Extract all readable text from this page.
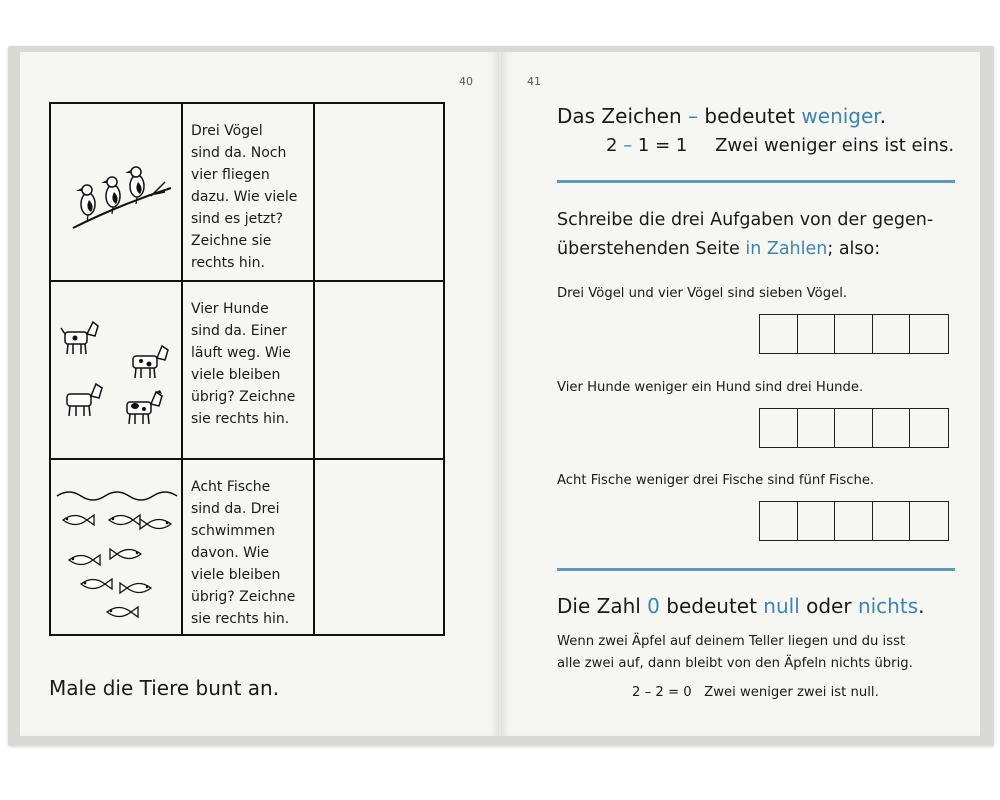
40	41
Drei Vögel
sind da. Noch
vier fliegen
dazu. Wie viele
sind es jetzt?
Zeichne sie
rechts hin.
Vier Hunde
sind da. Einer
läuft weg. Wie
viele bleiben
übrig? Zeichne
sie rechts hin.
Acht Fische
sind da. Drei
schwimmen
davon. Wie
viele bleiben
übrig? Zeichne
sie rechts hin.
Male die Tiere bunt an.
Das Zeichen – bedeutet weniger.
2 – 1 = 1 Zwei weniger eins ist eins.
Schreibe die drei Aufgaben von der gegen-
überstehenden Seite in Zahlen; also:
Drei Vögel und vier Vögel sind sieben Vögel.
Vier Hunde weniger ein Hund sind drei Hunde.
Acht Fische weniger drei Fische sind fünf Fische.
Die Zahl 0 bedeutet null oder nichts.
Wenn zwei Äpfel auf deinem Teller liegen und du isst
alle zwei auf, dann bleibt von den Äpfeln nichts übrig.
2 – 2 = 0   Zwei weniger zwei ist null.
